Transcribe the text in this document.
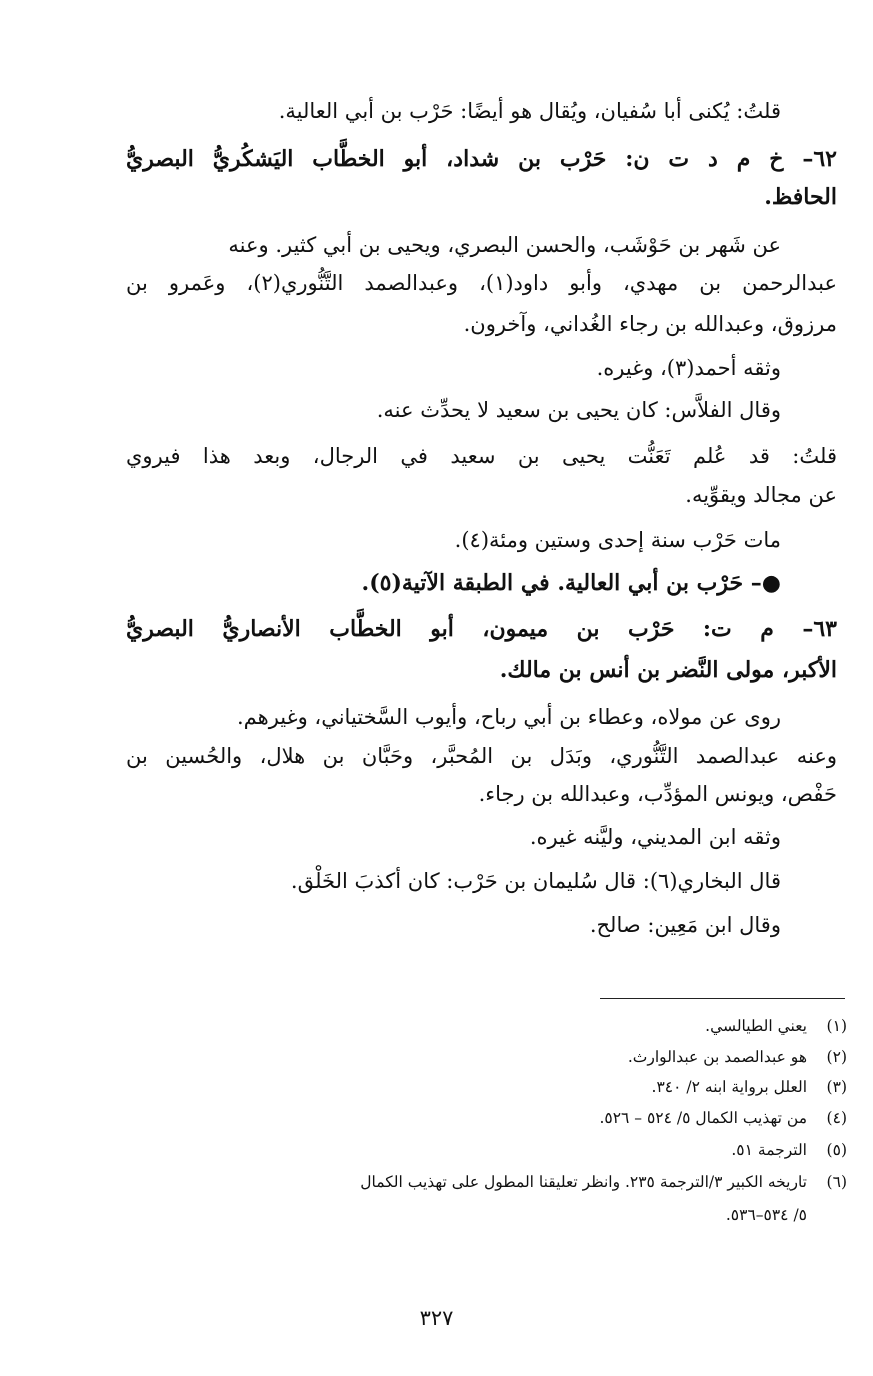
قلتُ: يُكنى أبا سُفيان، ويُقال هو أيضًا: حَرْب بن أبي العالية.
٦٢– خ م د ت ن: حَرْب بن شداد، أبو الخطَّاب اليَشكُريُّ البصريُّ
الحافظ.
عن شَهر بن حَوْشَب، والحسن البصري، ويحيى بن أبي كثير. وعنه
عبدالرحمن بن مهدي، وأبو داود(١)، وعبدالصمد التَّنُّوري(٢)، وعَمرو بن
مرزوق، وعبدالله بن رجاء الغُداني، وآخرون.
وثقه أحمد(٣)، وغيره.
وقال الفلاَّس: كان يحيى بن سعيد لا يحدِّث عنه.
قلتُ: قد عُلم تَعَنُّت يحيى بن سعيد في الرجال، وبعد هذا فيروي
عن مجالد ويقوِّيه.
مات حَرْب سنة إحدى وستين ومئة(٤).
●– حَرْب بن أبي العالية. في الطبقة الآتية(٥).
٦٣– م ت: حَرْب بن ميمون، أبو الخطَّاب الأنصاريُّ البصريُّ
الأكبر، مولى النَّضر بن أنس بن مالك.
روى عن مولاه، وعطاء بن أبي رباح، وأيوب السَّختياني، وغيرهم.
وعنه عبدالصمد التَّنُّوري، وبَدَل بن المُحبَّر، وحَبَّان بن هلال، والحُسين بن
حَفْص، ويونس المؤدِّب، وعبدالله بن رجاء.
وثقه ابن المديني، وليَّنه غيره.
قال البخاري(٦): قال سُليمان بن حَرْب: كان أكذبَ الخَلْق.
وقال ابن مَعِين: صالح.
(١)يعني الطيالسي.
(٢)هو عبدالصمد بن عبدالوارث.
(٣)العلل برواية ابنه ٢/ ٣٤٠.
(٤)من تهذيب الكمال ٥/ ٥٢٤ – ٥٢٦.
(٥)الترجمة ٥١.
(٦)تاريخه الكبير ٣/الترجمة ٢٣٥. وانظر تعليقنا المطول على تهذيب الكمال
٥/ ٥٣٤–٥٣٦.
٣٢٧
